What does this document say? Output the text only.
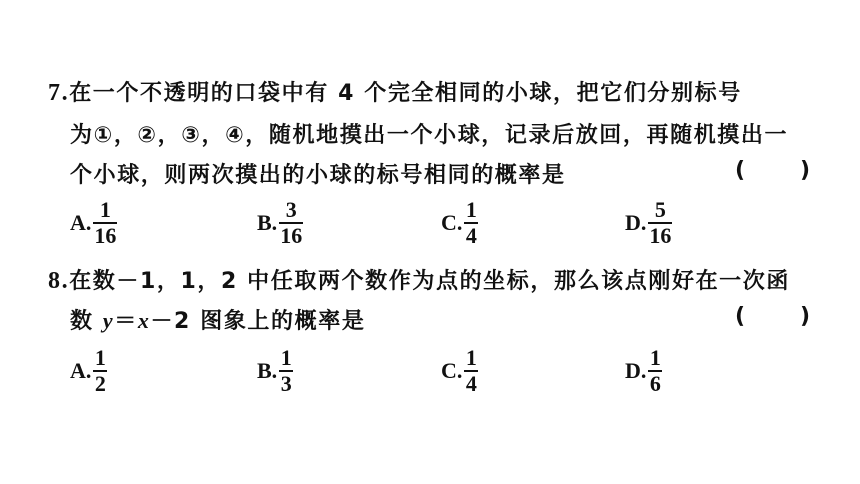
7.在一个不透明的口袋中有 4 个完全相同的小球，把它们分别标号
为①，②，③，④，随机地摸出一个小球，记录后放回，再随机摸出一
个小球，则两次摸出的小球的标号相同的概率是	( )
A. $\frac{1}{16}$	B. $\frac{3}{16}$	C. $\frac{1}{4}$	D. $\frac{5}{16}$
8.在数－1，1，2 中任取两个数作为点的坐标，那么该点刚好在一次函
数 y＝x－2 图象上的概率是	( )
A. $\frac{1}{2}$	B. $\frac{1}{3}$	C. $\frac{1}{4}$	D. $\frac{1}{6}$
